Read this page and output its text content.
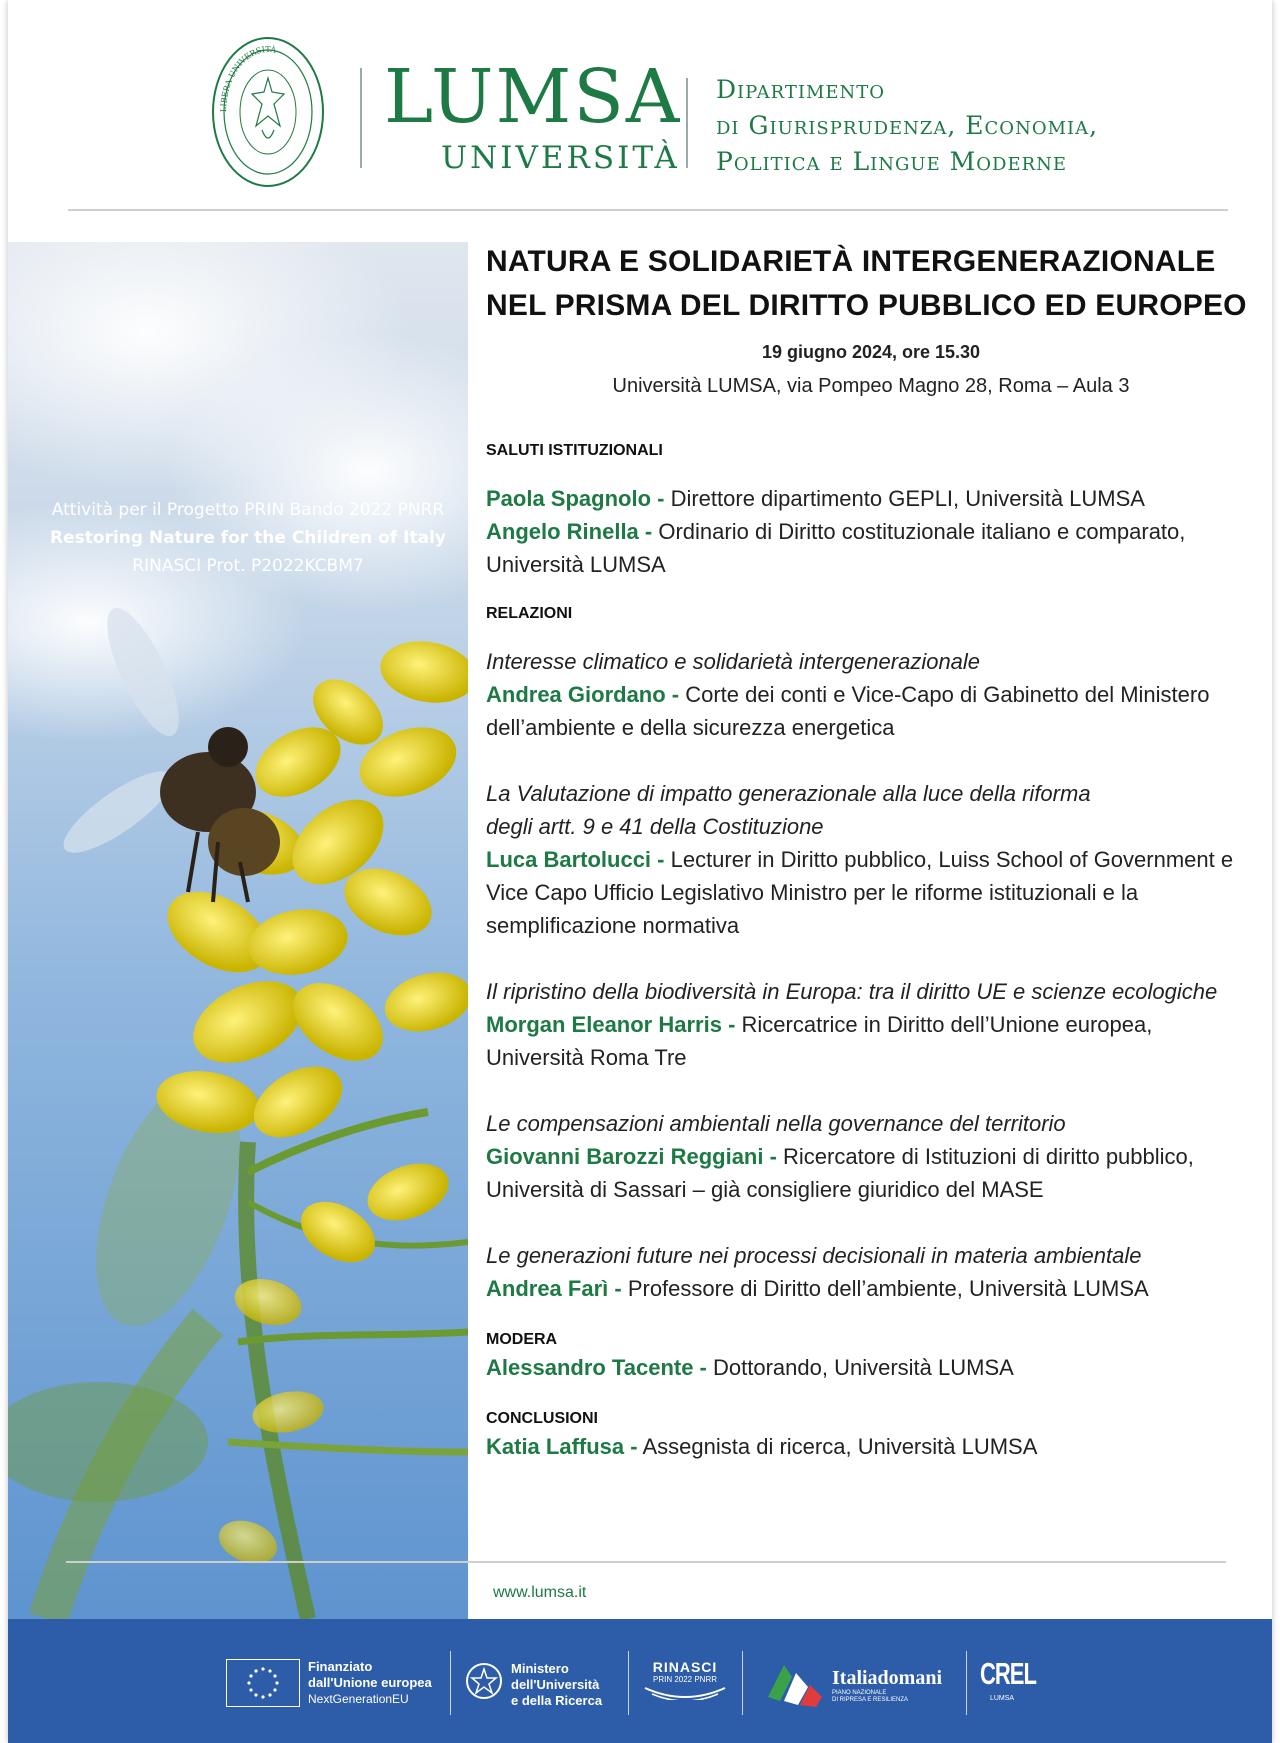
LIBERA UNIVERSITÀ
LUMSA
UNIVERSITÀ
Dipartimento
di Giurisprudenza, Economia,
Politica e Lingue Moderne
Attività per il Progetto PRIN Bando 2022 PNRR
Restoring Nature for the Children of Italy
RINASCI Prot. P2022KCBM7
NATURA E SOLIDARIETÀ INTERGENERAZIONALE
NEL PRISMA DEL DIRITTO PUBBLICO ED EUROPEO
19 giugno 2024, ore 15.30
Università LUMSA, via Pompeo Magno 28, Roma – Aula 3
SALUTI ISTITUZIONALI
Paola Spagnolo - Direttore dipartimento GEPLI, Università LUMSA
Angelo Rinella - Ordinario di Diritto costituzionale italiano e comparato, Università LUMSA
RELAZIONI
Interesse climatico e solidarietà intergenerazionale
Andrea Giordano - Corte dei conti e Vice-Capo di Gabinetto del Ministero dell’ambiente e della sicurezza energetica
La Valutazione di impatto generazionale alla luce della riforma degli artt. 9 e 41 della Costituzione
Luca Bartolucci - Lecturer in Diritto pubblico, Luiss School of Government e Vice Capo Ufficio Legislativo Ministro per le riforme istituzionali e la semplificazione normativa
Il ripristino della biodiversità in Europa: tra il diritto UE e scienze ecologiche
Morgan Eleanor Harris - Ricercatrice in Diritto dell’Unione europea, Università Roma Tre
Le compensazioni ambientali nella governance del territorio
Giovanni Barozzi Reggiani - Ricercatore di Istituzioni di diritto pubblico, Università di Sassari – già consigliere giuridico del MASE
Le generazioni future nei processi decisionali in materia ambientale
Andrea Farì - Professore di Diritto dell’ambiente, Università LUMSA
MODERA
Alessandro Tacente - Dottorando, Università LUMSA
CONCLUSIONI
Katia Laffusa - Assegnista di ricerca, Università LUMSA
www.lumsa.it
Finanziato
dall'Unione europea
NextGenerationEU
Ministero
dell'Università
e della Ricerca
RINASCI
PRIN 2022 PNRR	Italiadomani
PIANO NAZIONALE
DI RIPRESA E RESILIENZA
CREL
LUMSA
